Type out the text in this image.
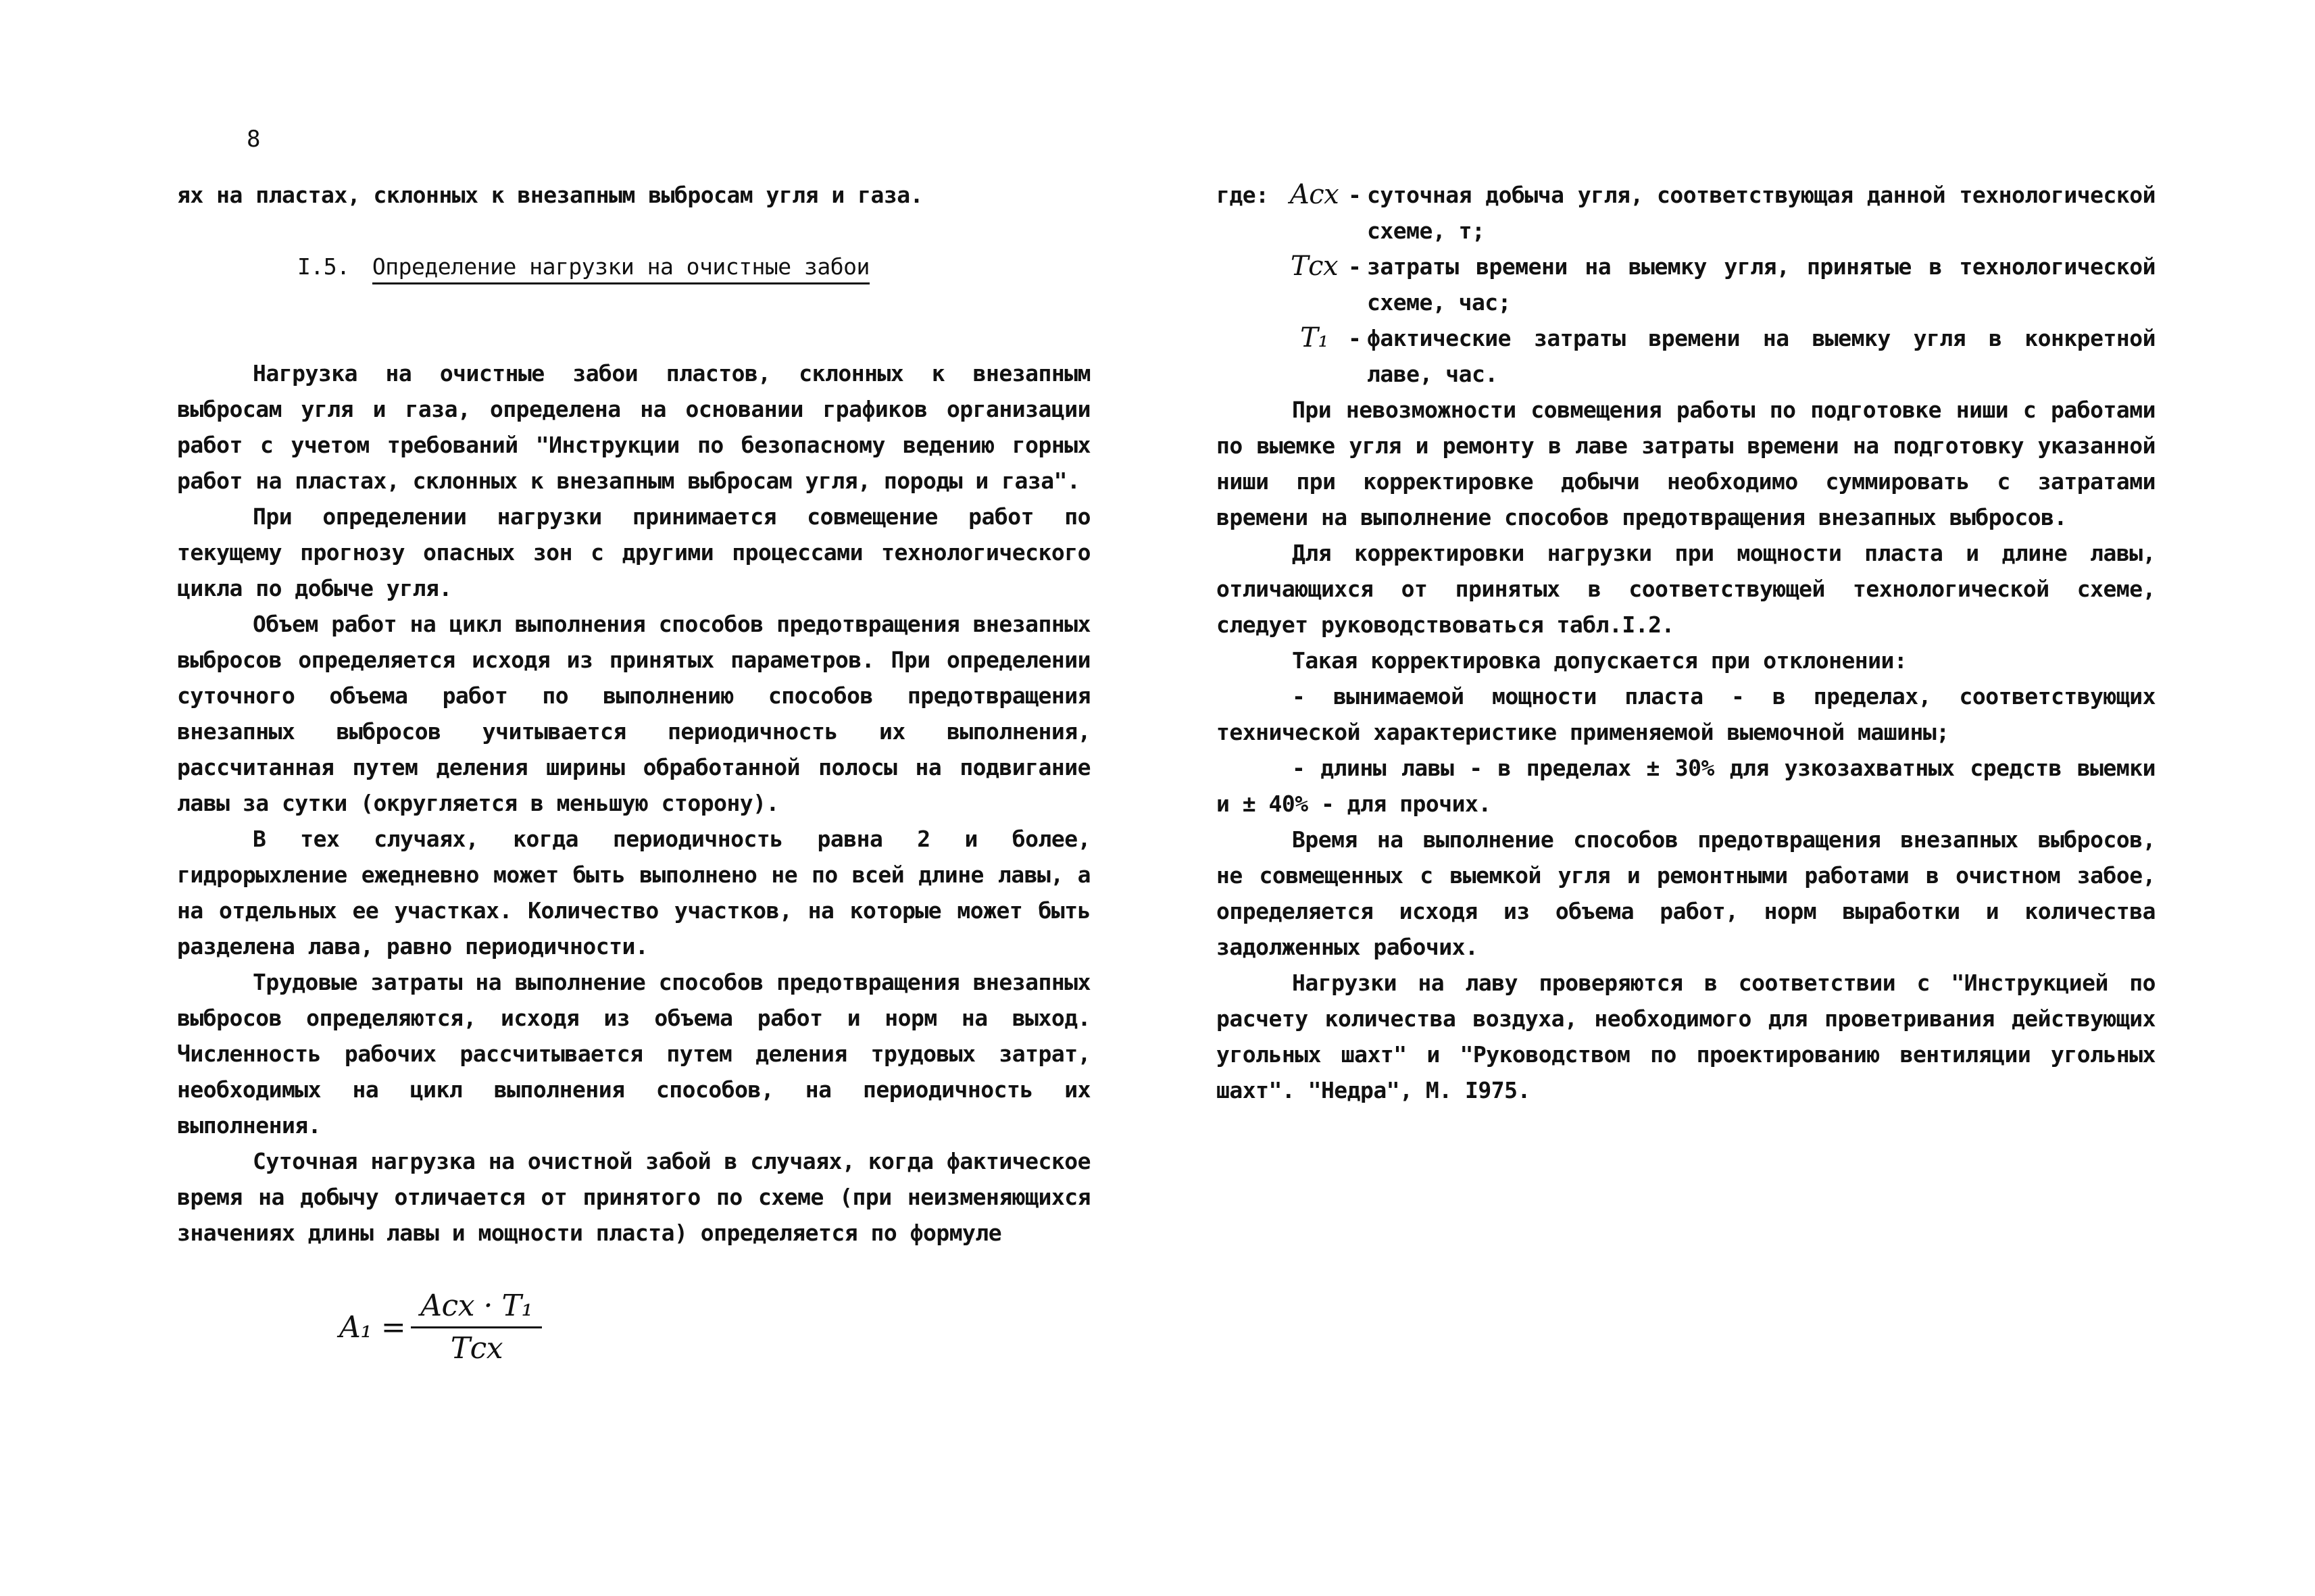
8

ях на пластах, склонных к внезапным выбросам угля и газа.

I.5. Определение нагрузки на очистные забои

Нагрузка на очистные забои пластов, склонных к внезапным выбросам угля и газа, определена на основании графиков организации работ с учетом требований "Инструкции по безопасному ведению горных работ на пластах, склонных к внезапным выбросам угля, породы и газа".

При определении нагрузки принимается совмещение работ по текущему прогнозу опасных зон с другими процессами технологического цикла по добыче угля.

Объем работ на цикл выполнения способов предотвращения внезапных выбросов определяется исходя из принятых параметров. При определении суточного объема работ по выполнению способов предотвращения внезапных выбросов учитывается периодичность их выполнения, рассчитанная путем деления ширины обработанной полосы на подвигание лавы за сутки (округляется в меньшую сторону).

В тех случаях, когда периодичность равна 2 и более, гидрорыхление ежедневно может быть выполнено не по всей длине лавы, а на отдельных ее участках. Количество участков, на которые может быть разделена лава, равно периодичности.

Трудовые затраты на выполнение способов предотвращения внезапных выбросов определяются, исходя из объема работ и норм на выход. Численность рабочих рассчитывается путем деления трудовых затрат, необходимых на цикл выполнения способов, на периодичность их выполнения.

Суточная нагрузка на очистной забой в случаях, когда фактическое время на добычу отличается от принятого по схеме (при неизменяющихся значениях длины лавы и мощности пласта) определяется по формуле

$A_1 = \frac{\text{Aсх · T₁}}{\text{Tсх}}$
где: Aсх - суточная добыча угля, соответствующая данной технологической схеме, т;
Tсх - затраты времени на выемку угля, принятые в технологической схеме, час;
T₁ - фактические затраты времени на выемку угля в конкретной лаве, час.

При невозможности совмещения работы по подготовке ниши с работами по выемке угля и ремонту в лаве затраты времени на подготовку указанной ниши при корректировке добычи необходимо суммировать с затратами времени на выполнение способов предотвращения внезапных выбросов.

Для корректировки нагрузки при мощности пласта и длине лавы, отличающихся от принятых в соответствующей технологической схеме, следует руководствоваться табл.I.2.

Такая корректировка допускается при отклонении:

- вынимаемой мощности пласта - в пределах, соответствующих технической характеристике применяемой выемочной машины;

- длины лавы - в пределах ± 30% для узкозахватных средств выемки и ± 40% - для прочих.

Время на выполнение способов предотвращения внезапных выбросов, не совмещенных с выемкой угля и ремонтными работами в очистном забое, определяется исходя из объема работ, норм выработки и количества задолженных рабочих.

Нагрузки на лаву проверяются в соответствии с "Инструкцией по расчету количества воздуха, необходимого для проветривания действующих угольных шахт" и "Руководством по проектированию вентиляции угольных шахт". "Недра", М. I975.
